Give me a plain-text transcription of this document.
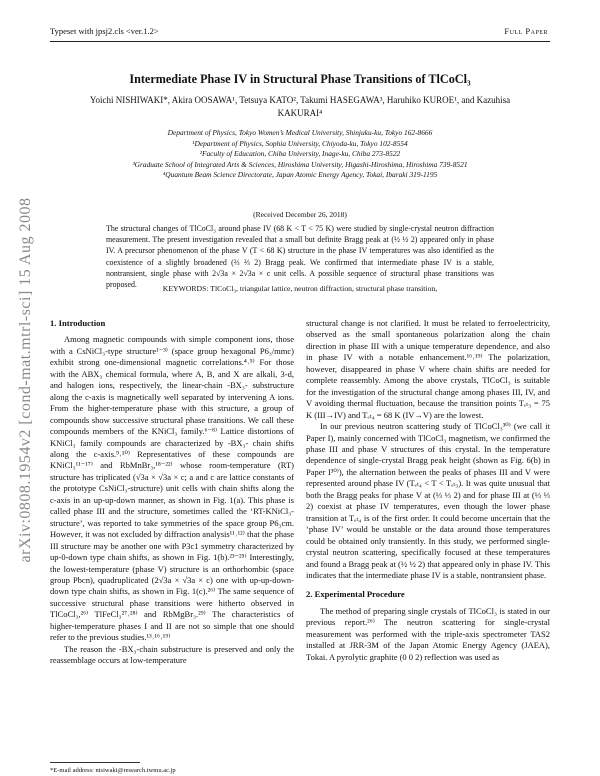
Typeset with jpsj2.cls <ver.1.2>	Full Paper
arXiv:0808.1954v2 [cond-mat.mtrl-sci] 15 Aug 2008
Intermediate Phase IV in Structural Phase Transitions of TlCoCl₃
Yoichi NISHIWAKI*, Akira OOSAWA¹, Tetsuya KATO², Takumi HASEGAWA³, Haruhiko KUROE¹, and Kazuhisa KAKURAI⁴
Department of Physics, Tokyo Women’s Medical University, Shinjuku-ku, Tokyo 162-8666
¹Department of Physics, Sophia University, Chiyoda-ku, Tokyo 102-8554
²Faculty of Education, Chiba University, Inage-ku, Chiba 273-8522
³Graduate School of Integrated Arts & Sciences, Hiroshima University, Higashi-Hiroshima, Hiroshima 739-8521
⁴Quantum Beam Science Directorate, Japan Atomic Energy Agency, Tokai, Ibaraki 319-1195
(Received December 26, 2018)
The structural changes of TlCoCl₃ around phase IV (68 K < T < 75 K) were studied by single-crystal neutron diffraction measurement. The present investigation revealed that a small but definite Bragg peak at (½ ½ 2) appeared only in phase IV. A precursor phenomenon of the phase V (T < 68 K) structure in the phase IV temperatures was also identified as the coexistence of a slightly broadened (⅔ ⅔ 2) Bragg peak. We confirmed that intermediate phase IV is a stable, nontransient, single phase with 2√3a × 2√3a × c unit cells. A possible sequence of structural phase transitions was proposed.	KEYWORDS: TlCoCl₃, triangular lattice, neutron diffraction, structural phase transition,
1. Introduction

Among magnetic compounds with simple component ions, those with a CsNiCl₃-type structure¹⁻³⁾ (space group hexagonal P6₃/mmc) exhibit strong one-dimensional magnetic correlations.⁴˒⁵⁾ For those with the ABX₃ chemical formula, where A, B, and X are alkali, 3-d, and halogen ions, respectively, the linear-chain -BX₃- substructure along the c-axis is magnetically well separated by intervening A ions. From the higher-temperature phase with this structure, a group of compounds show successive structural phase transitions. We call these compounds members of the KNiCl₃ family.⁶⁻⁸⁾ Lattice distortions of KNiCl₃ family compounds are characterized by -BX₃- chain shifts along the c-axis.⁹˒¹⁰⁾ Representatives of these compounds are KNiCl₃¹¹⁻¹⁷⁾ and RbMnBr₃,¹⁸⁻²²⁾ whose room-temperature (RT) structure has triplicated (√3a × √3a × c; a and c are lattice constants of the prototype CsNiCl₃-structure) unit cells with chain shifts along the c-axis in an up-up-down manner, as shown in Fig. 1(a). This phase is called phase III and the structure, sometimes called the ‘RT-KNiCl₃-structure’, was reported to take symmetries of the space group P6₃cm. However, it was not excluded by diffraction analysis¹¹˒¹²⁾ that the phase III structure may be another one with P3c1 symmetry characterized by up-0-down type chain shifts, as shown in Fig. 1(b).²³⁻²⁵⁾ Interestingly, the lowest-temperature (phase V) structure is an orthorhombic (space group Pbcn), quadruplicated (2√3a × √3a × c) one with up-up-down-down type chain shifts, as shown in Fig. 1(c).²⁶⁾ The same sequence of successive structural phase transitions were hitherto observed in TlCoCl₃,²⁶⁾ TlFeCl₃²⁷˒²⁸⁾ and RbMgBr₃.²⁹⁾ The characteristics of higher-temperature phases I and II are not so simple that one should refer to the previous studies.¹³˒¹⁶˒¹⁹⁾

The reason the -BX₃-chain substructure is preserved and only the reassemblage occurs at low-temperature

structural change is not clarified. It must be related to ferroelectricity, observed as the small spontaneous polarization along the chain direction in phase III with a unique temperature dependence, and also in phase IV with a notable enhancement.¹⁶˒¹⁹⁾ The polarization, however, disappeared in phase V where chain shifts are needed for complete reassembly. Among the above crystals, TlCoCl₃ is suitable for the investigation of the structural change among phases III, IV, and V avoiding thermal fluctuation, because the transition points Tₑₜ₃ = 75 K (III→IV) and Tₑₜ₄ = 68 K (IV→V) are the lowest.

In our previous neutron scattering study of TlCoCl₃³⁰⁾ (we call it Paper I), mainly concerned with TlCoCl₃ magnetism, we confirmed the phase III and phase V structures of this crystal. In the temperature dependence of single-crystal Bragg peak height (shown as Fig. 6(b) in Paper I³⁰⁾), the alternation between the peaks of phases III and V were represented around phase IV (Tₑₜ₄ < T < Tₑₜ₃). It was quite unusual that both the Bragg peaks for phase V at (⅓ ⅓ 2) and for phase III at (⅓ ⅓ 2) coexist at phase IV temperatures, even though the lower phase transition at Tₑₜ₄ is of the first order. It could become uncertain that the ‘phase IV’ would be unstable or the data around those temperatures could be obtained only transiently. In this study, we performed single-crystal neutron scattering, specifically focused at these temperatures and found a Bragg peak at (½ ½ 2) that appeared only in phase IV. This indicates that the intermediate phase IV is a stable, nontransient phase.

2. Experimental Procedure

The method of preparing single crystals of TlCoCl₃ is stated in our previous report.²⁶⁾ The neutron scattering for single-crystal measurement was performed with the triple-axis spectrometer TAS2 installed at JRR-3M of the Japan Atomic Energy Agency (JAEA), Tokai. A pyrolytic graphite (0 0 2) reflection was used as

*E-mail address: nisiwaki@research.twmu.ac.jp
